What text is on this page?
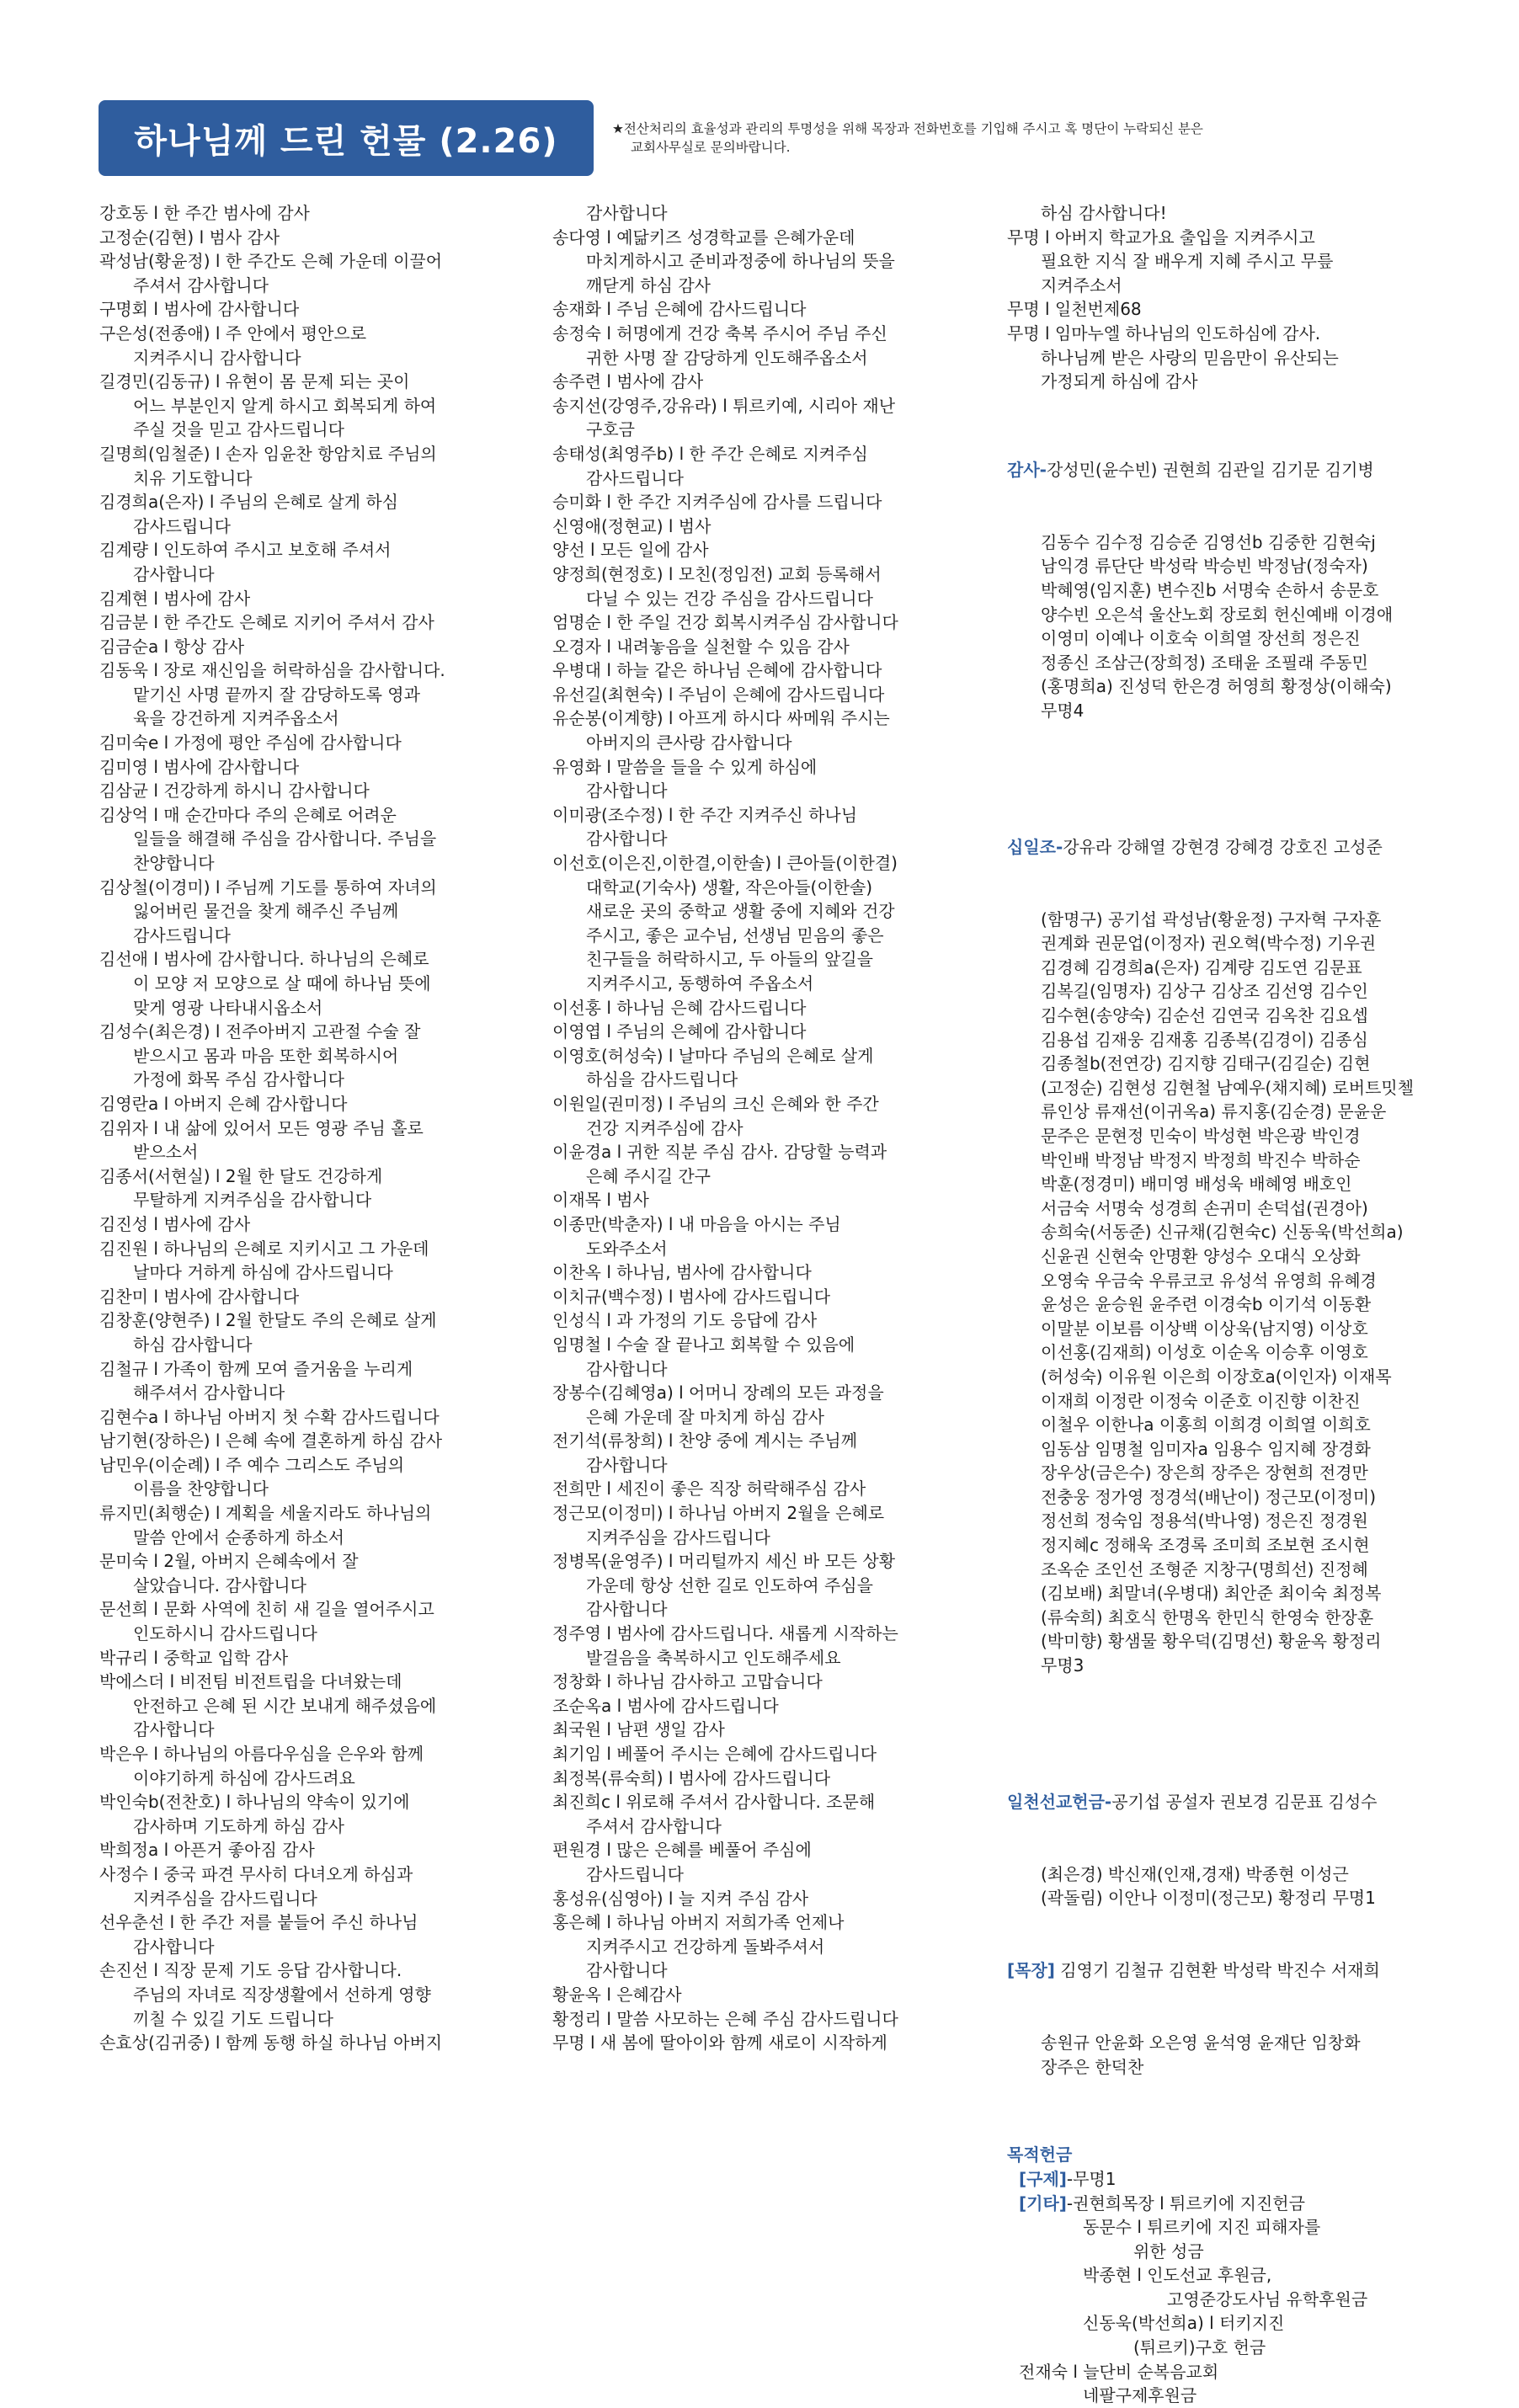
하나님께 드린 헌물 (2.26)	★전산처리의 효율성과 관리의 투명성을 위해 목장과 전화번호를 기입해 주시고 혹 명단이 누락되신 분은
교회사무실로 문의바랍니다.
강호동 l 한 주간 범사에 감사
고정순(김현) l 범사 감사
곽성남(황윤정) l 한 주간도 은혜 가운데 이끌어
주셔서 감사합니다
구명회 l 범사에 감사합니다
구은성(전종애) l 주 안에서 평안으로
지켜주시니 감사합니다
길경민(김동규) l 유현이 몸 문제 되는 곳이
어느 부분인지 알게 하시고 회복되게 하여
주실 것을 믿고 감사드립니다
길명희(임철준) l 손자 임윤찬 항암치료 주님의
치유 기도합니다
김경희a(은자) l 주님의 은혜로 살게 하심
감사드립니다
김계량 l 인도하여 주시고 보호해 주셔서
감사합니다
김계현 l 범사에 감사
김금분 l 한 주간도 은혜로 지키어 주셔서 감사
김금순a l 항상 감사
김동욱 l 장로 재신임을 허락하심을 감사합니다.
맡기신 사명 끝까지 잘 감당하도록 영과
육을 강건하게 지켜주옵소서
김미숙e l 가정에 평안 주심에 감사합니다
김미영 l 범사에 감사합니다
김삼균 l 건강하게 하시니 감사합니다
김상억 l 매 순간마다 주의 은혜로 어려운
일들을 해결해 주심을 감사합니다. 주님을
찬양합니다
김상철(이경미) l 주님께 기도를 통하여 자녀의
잃어버린 물건을 찾게 해주신 주님께
감사드립니다
김선애 l 범사에 감사합니다. 하나님의 은혜로
이 모양 저 모양으로 살 때에 하나님 뜻에
맞게 영광 나타내시옵소서
김성수(최은경) l 전주아버지 고관절 수술 잘
받으시고 몸과 마음 또한 회복하시어
가정에 화목 주심 감사합니다
김영란a l 아버지 은혜 감사합니다
김위자 l 내 삶에 있어서 모든 영광 주님 홀로
받으소서
김종서(서현실) l 2월 한 달도 건강하게
무탈하게 지켜주심을 감사합니다
김진성 l 범사에 감사
김진원 l 하나님의 은혜로 지키시고 그 가운데
날마다 거하게 하심에 감사드립니다
김찬미 l 범사에 감사합니다
김창훈(양현주) l 2월 한달도 주의 은혜로 살게
하심 감사합니다
김철규 l 가족이 함께 모여 즐거움을 누리게
해주셔서 감사합니다
김현수a l 하나님 아버지 첫 수확 감사드립니다
남기현(장하은) l 은혜 속에 결혼하게 하심 감사
남민우(이순례) l 주 예수 그리스도 주님의
이름을 찬양합니다
류지민(최행순) l 계획을 세울지라도 하나님의
말씀 안에서 순종하게 하소서
문미숙 l 2월, 아버지 은혜속에서 잘
살았습니다. 감사합니다
문선희 l 문화 사역에 친히 새 길을 열어주시고
인도하시니 감사드립니다
박규리 l 중학교 입학 감사
박에스더 l 비전팀 비전트립을 다녀왔는데
안전하고 은혜 된 시간 보내게 해주셨음에
감사합니다
박은우 l 하나님의 아름다우심을 은우와 함께
이야기하게 하심에 감사드려요
박인숙b(전찬호) l 하나님의 약속이 있기에
감사하며 기도하게 하심 감사
박희정a l 아픈거 좋아짐 감사
사정수 l 중국 파견 무사히 다녀오게 하심과
지켜주심을 감사드립니다
선우춘선 l 한 주간 저를 붙들어 주신 하나님
감사합니다
손진선 l 직장 문제 기도 응답 감사합니다.
주님의 자녀로 직장생활에서 선하게 영향
끼칠 수 있길 기도 드립니다
손효상(김귀중) l 함께 동행 하실 하나님 아버지
감사합니다
송다영 l 예닮키즈 성경학교를 은혜가운데
마치게하시고 준비과정중에 하나님의 뜻을
깨닫게 하심 감사
송재화 l 주님 은혜에 감사드립니다
송정숙 l 허명에게 건강 축복 주시어 주님 주신
귀한 사명 잘 감당하게 인도해주옵소서
송주련 l 범사에 감사
송지선(강영주,강유라) l 튀르키예, 시리아 재난
구호금
송태성(최영주b) l 한 주간 은혜로 지켜주심
감사드립니다
승미화 l 한 주간 지켜주심에 감사를 드립니다
신영애(정현교) l 범사
양선 l 모든 일에 감사
양정희(현정호) l 모친(정임전) 교회 등록해서
다닐 수 있는 건강 주심을 감사드립니다
엄명순 l 한 주일 건강 회복시켜주심 감사합니다
오경자 l 내려놓음을 실천할 수 있음 감사
우병대 l 하늘 같은 하나님 은혜에 감사합니다
유선길(최현숙) l 주님이 은혜에 감사드립니다
유순봉(이계향) l 아프게 하시다 싸메워 주시는
아버지의 큰사랑 감사합니다
유영화 l 말씀을 들을 수 있게 하심에
감사합니다
이미광(조수정) l 한 주간 지켜주신 하나님
감사합니다
이선호(이은진,이한결,이한솔) l 큰아들(이한결)
대학교(기숙사) 생활, 작은아들(이한솔)
새로운 곳의 중학교 생활 중에 지혜와 건강
주시고, 좋은 교수님, 선생님 믿음의 좋은
친구들을 허락하시고, 두 아들의 앞길을
지켜주시고, 동행하여 주옵소서
이선홍 l 하나님 은혜 감사드립니다
이영엽 l 주님의 은혜에 감사합니다
이영호(허성숙) l 날마다 주님의 은혜로 살게
하심을 감사드립니다
이원일(권미정) l 주님의 크신 은혜와 한 주간
건강 지켜주심에 감사
이윤경a l 귀한 직분 주심 감사. 감당할 능력과
은혜 주시길 간구
이재목 l 범사
이종만(박춘자) l 내 마음을 아시는 주님
도와주소서
이찬옥 l 하나님, 범사에 감사합니다
이치규(백수정) l 범사에 감사드립니다
인성식 l 과 가정의 기도 응답에 감사
임명철 l 수술 잘 끝나고 회복할 수 있음에
감사합니다
장봉수(김혜영a) l 어머니 장례의 모든 과정을
은혜 가운데 잘 마치게 하심 감사
전기석(류창희) l 찬양 중에 계시는 주님께
감사합니다
전희만 l 세진이 좋은 직장 허락해주심 감사
정근모(이정미) l 하나님 아버지 2월을 은혜로
지켜주심을 감사드립니다
정병목(윤영주) l 머리털까지 세신 바 모든 상황
가운데 항상 선한 길로 인도하여 주심을
감사합니다
정주영 l 범사에 감사드립니다. 새롭게 시작하는
발걸음을 축복하시고 인도해주세요
정창화 l 하나님 감사하고 고맙습니다
조순옥a l 범사에 감사드립니다
최국원 l 남편 생일 감사
최기임 l 베풀어 주시는 은혜에 감사드립니다
최정복(류숙희) l 범사에 감사드립니다
최진희c l 위로해 주셔서 감사합니다. 조문해
주셔서 감사합니다
편원경 l 많은 은혜를 베풀어 주심에
감사드립니다
홍성유(심영아) l 늘 지켜 주심 감사
홍은혜 l 하나님 아버지 저희가족 언제나
지켜주시고 건강하게 돌봐주셔서
감사합니다
황윤옥 l 은혜감사
황정리 l 말씀 사모하는 은혜 주심 감사드립니다
무명 l 새 봄에 딸아이와 함께 새로이 시작하게
하심 감사합니다!
무명 l 아버지 학교가요 출입을 지켜주시고
필요한 지식 잘 배우게 지혜 주시고 무릎
지켜주소서
무명 l 일천번제68
무명 l 임마누엘 하나님의 인도하심에 감사.
하나님께 받은 사랑의 믿음만이 유산되는
가정되게 하심에 감사

감사-강성민(윤수빈) 권현희 김관일 김기문 김기병

김동수 김수정 김승준 김영선b 김중한 김현숙j
남익경 류단단 박성락 박승빈 박정남(정숙자)
박혜영(임지훈) 변수진b 서명숙 손하서 송문호
양수빈 오은석 울산노회 장로회 헌신예배 이경애
이영미 이예나 이호숙 이희열 장선희 정은진
정종신 조삼근(장희정) 조태윤 조필래 주동민
(홍명희a) 진성덕 한은경 허영희 황정상(이해숙)
무명4

십일조-강유라 강해열 강현경 강혜경 강호진 고성준

(함명구) 공기섭 곽성남(황윤정) 구자혁 구자훈
권계화 권문업(이정자) 권오혁(박수정) 기우권
김경혜 김경희a(은자) 김계량 김도연 김문표
김복길(임명자) 김상구 김상조 김선영 김수인
김수현(송양숙) 김순선 김연국 김옥찬 김요셉
김용섭 김재웅 김재홍 김종복(김경이) 김종심
김종철b(전연강) 김지향 김태구(김길순) 김현
(고정순) 김현성 김현철 남예우(채지혜) 로버트밋첼
류인상 류재선(이귀옥a) 류지홍(김순경) 문윤운
문주은 문현정 민숙이 박성현 박은광 박인경
박인배 박정남 박정지 박정희 박진수 박하순
박훈(정경미) 배미영 배성욱 배혜영 배호인
서금숙 서명숙 성경희 손귀미 손덕섭(권경아)
송희숙(서동준) 신규채(김현숙c) 신동욱(박선희a)
신윤권 신현숙 안명환 양성수 오대식 오상화
오영숙 우금숙 우류코코 유성석 유영희 유혜경
윤성은 윤승원 윤주련 이경숙b 이기석 이동환
이말분 이보름 이상백 이상욱(남지영) 이상호
이선홍(김재희) 이성호 이순옥 이승후 이영호
(허성숙) 이유원 이은희 이장호a(이인자) 이재목
이재희 이정란 이정숙 이준호 이진향 이찬진
이철우 이한나a 이홍희 이희경 이희열 이희호
임동삼 임명철 임미자a 임용수 임지혜 장경화
장우상(금은수) 장은희 장주은 장현희 전경만
전충웅 정가영 정경석(배난이) 정근모(이정미)
정선희 정숙임 정용석(박나영) 정은진 정경원
정지혜c 정해욱 조경록 조미희 조보현 조시현
조옥순 조인선 조형준 지창구(명희선) 진정혜
(김보배) 최말녀(우병대) 최안준 최이숙 최정복
(류숙희) 최호식 한명옥 한민식 한영숙 한장훈
(박미향) 황샘물 황우덕(김명선) 황윤옥 황정리
무명3

일천선교헌금-공기섭 공설자 권보경 김문표 김성수

(최은경) 박신재(인재,경재) 박종현 이성근
(곽돌림) 이안나 이정미(정근모) 황정리 무명1

[목장] 김영기 김철규 김현환 박성락 박진수 서재희

송원규 안윤화 오은영 윤석영 윤재단 임창화
장주은 한덕찬

목적헌금
[구제]-무명1
[기타]-권현희목장 l 튀르키에 지진헌금
동문수 l 튀르키에 지진 피해자를
위한 성금
박종현 l 인도선교 후원금,
고영준강도사님 유학후원금
신동욱(박선희a) l 터키지진
(튀르키)구호 헌금
전재숙 l 늘단비 순복음교회
네팔구제후원금
